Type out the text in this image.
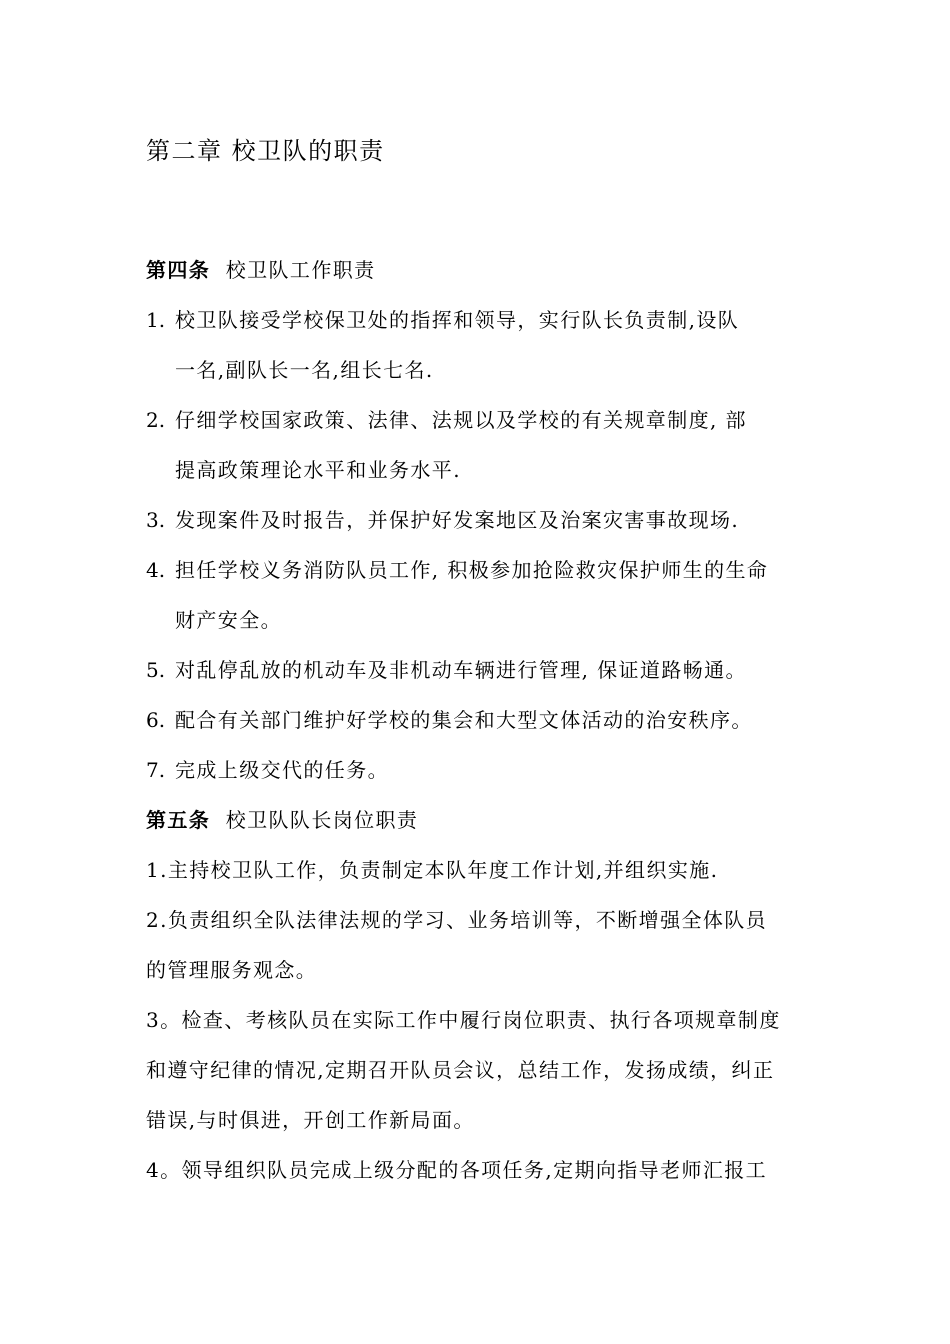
第二章 校卫队的职责
第四条 校卫队工作职责
1. 校卫队接受学校保卫处的指挥和领导，实行队长负责制,设队
一名,副队长一名,组长七名.
2. 仔细学校国家政策、法律、法规以及学校的有关规章制度, 部
提高政策理论水平和业务水平.
3. 发现案件及时报告，并保护好发案地区及治案灾害事故现场.
4. 担任学校义务消防队员工作, 积极参加抢险救灾保护师生的生命
财产安全。
5. 对乱停乱放的机动车及非机动车辆进行管理, 保证道路畅通。
6. 配合有关部门维护好学校的集会和大型文体活动的治安秩序。
7. 完成上级交代的任务。
第五条 校卫队队长岗位职责
1.主持校卫队工作，负责制定本队年度工作计划,并组织实施.
2.负责组织全队法律法规的学习、业务培训等，不断增强全体队员
的管理服务观念。
3。检查、考核队员在实际工作中履行岗位职责、执行各项规章制度
和遵守纪律的情况,定期召开队员会议，总结工作，发扬成绩，纠正
错误,与时俱进，开创工作新局面。
4。领导组织队员完成上级分配的各项任务,定期向指导老师汇报工
